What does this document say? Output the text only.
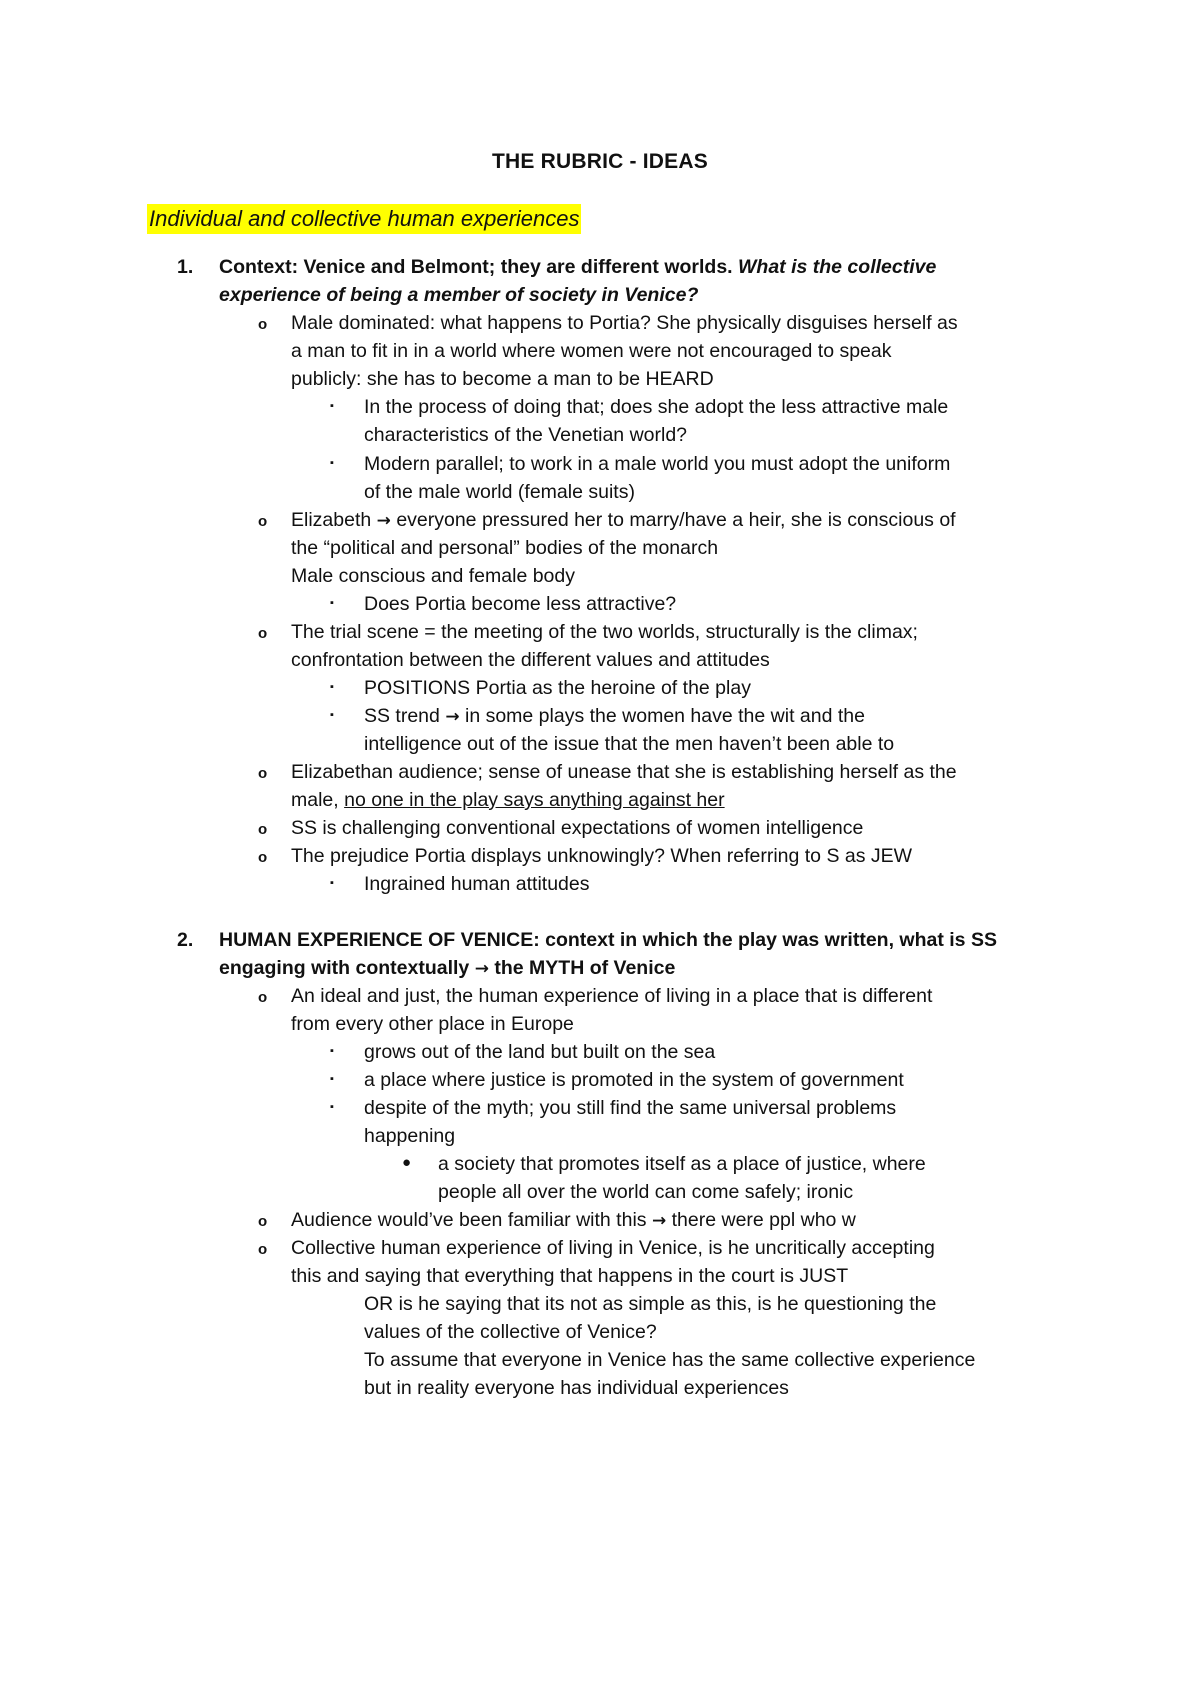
THE RUBRIC - IDEAS
Individual and collective human experiences
1. Context: Venice and Belmont; they are different worlds. What is the collective
experience of being a member of society in Venice?
o Male dominated: what happens to Portia? She physically disguises herself as
a man to fit in in a world where women were not encouraged to speak
publicly: she has to become a man to be HEARD
▪ In the process of doing that; does she adopt the less attractive male
characteristics of the Venetian world?
▪ Modern parallel; to work in a male world you must adopt the uniform
of the male world (female suits)
o Elizabeth → everyone pressured her to marry/have a heir, she is conscious of
the “political and personal” bodies of the monarch
Male conscious and female body
▪ Does Portia become less attractive?
o The trial scene = the meeting of the two worlds, structurally is the climax;
confrontation between the different values and attitudes
▪ POSITIONS Portia as the heroine of the play
▪ SS trend → in some plays the women have the wit and the
intelligence out of the issue that the men haven’t been able to
o Elizabethan audience; sense of unease that she is establishing herself as the
male, no one in the play says anything against her
o SS is challenging conventional expectations of women intelligence
o The prejudice Portia displays unknowingly? When referring to S as JEW
▪ Ingrained human attitudes
2. HUMAN EXPERIENCE OF VENICE: context in which the play was written, what is SS
engaging with contextually → the MYTH of Venice
o An ideal and just, the human experience of living in a place that is different
from every other place in Europe
▪ grows out of the land but built on the sea
▪ a place where justice is promoted in the system of government
▪ despite of the myth; you still find the same universal problems
happening
● a society that promotes itself as a place of justice, where
people all over the world can come safely; ironic
o Audience would’ve been familiar with this → there were ppl who w
o Collective human experience of living in Venice, is he uncritically accepting
this and saying that everything that happens in the court is JUST
OR is he saying that its not as simple as this, is he questioning the
values of the collective of Venice?
To assume that everyone in Venice has the same collective experience
but in reality everyone has individual experiences
